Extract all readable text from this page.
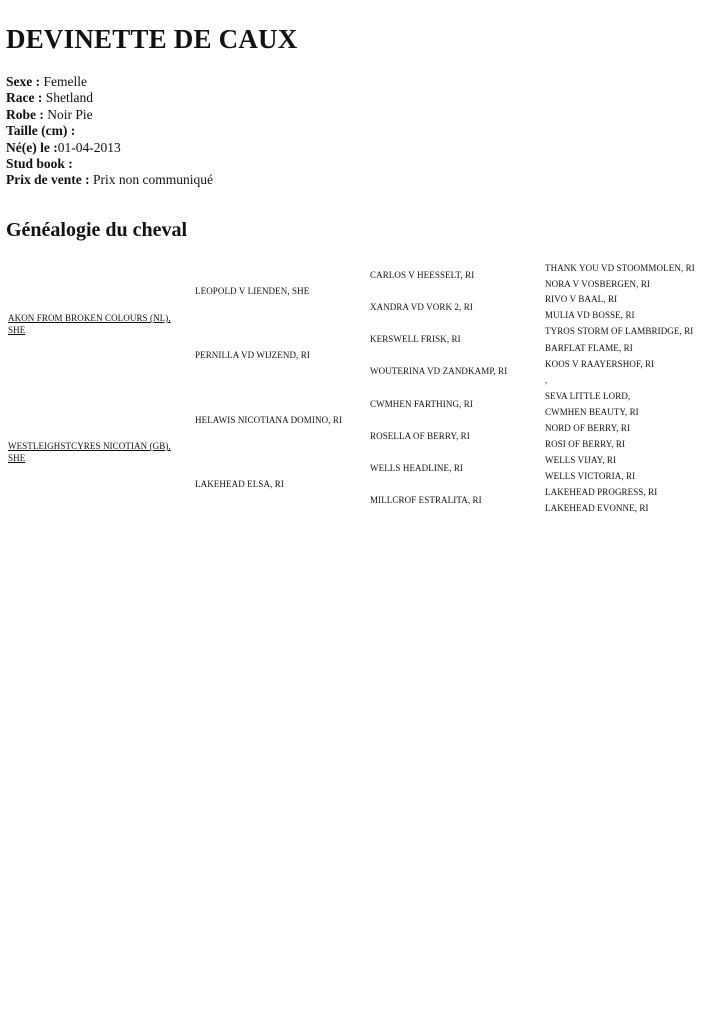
DEVINETTE DE CAUX
Sexe : Femelle
Race : Shetland
Robe : Noir Pie
Taille (cm) :
Né(e) le :01-04-2013
Stud book :
Prix de vente : Prix non communiqué
Généalogie du cheval
AKON FROM BROKEN COLOURS (NL),
SHE
WESTLEIGHSTCYRES NICOTIAN (GB),
SHE
LEOPOLD V LIENDEN, SHE
PERNILLA VD WIJZEND, RI
HELAWIS NICOTIANA DOMINO, RI
LAKEHEAD ELSA, RI
CARLOS V HEESSELT, RI
XANDRA VD VORK 2, RI
KERSWELL FRISK, RI
WOUTERINA VD ZANDKAMP, RI
CWMHEN FARTHING, RI
ROSELLA OF BERRY, RI
WELLS HEADLINE, RI
MILLCROF ESTRALITA, RI
THANK YOU VD STOOMMOLEN, RI
NORA V VOSBERGEN, RI
RIVO V BAAL, RI
MULIA VD BOSSE, RI
TYROS STORM OF LAMBRIDGE, RI
BARFLAT FLAME, RI
KOOS V RAAYERSHOF, RI
,
SEVA LITTLE LORD,
CWMHEN BEAUTY, RI
NORD OF BERRY, RI
ROSI OF BERRY, RI
WELLS VIJAY, RI
WELLS VICTORIA, RI
LAKEHEAD PROGRESS, RI
LAKEHEAD EVONNE, RI
